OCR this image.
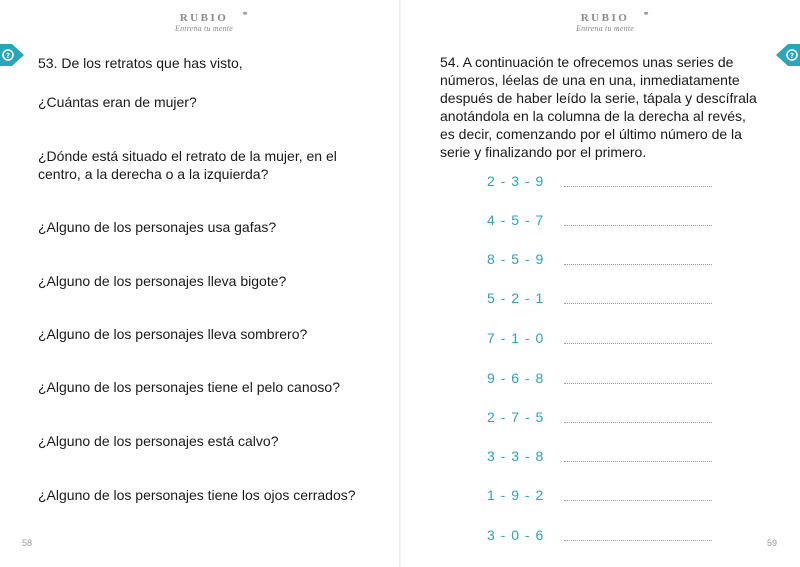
RUBIO ⚭
Entrena tu mente
? 53. De los retratos que has visto,
¿Cuántas eran de mujer?
¿Dónde está situado el retrato de la mujer, en el centro, a la derecha o a la izquierda?
¿Alguno de los personajes usa gafas?
¿Alguno de los personajes lleva bigote?
¿Alguno de los personajes lleva sombrero?
¿Alguno de los personajes tiene el pelo canoso?
¿Alguno de los personajes está calvo?
¿Alguno de los personajes tiene los ojos cerrados?
58
RUBIO ⚭
Entrena tu mente
?
54. A continuación te ofrecemos unas series de números, léelas de una en una, inmediatamente después de haber leído la serie, tápala y descífrala anotándola en la columna de la derecha al revés, es decir, comenzando por el último número de la serie y finalizando por el primero.
2 - 3 - 9
4 - 5 - 7
8 - 5 - 9
5 - 2 - 1
7 - 1 - 0
9 - 6 - 8
2 - 7 - 5
3 - 3 - 8
1 - 9 - 2
3 - 0 - 6	59
